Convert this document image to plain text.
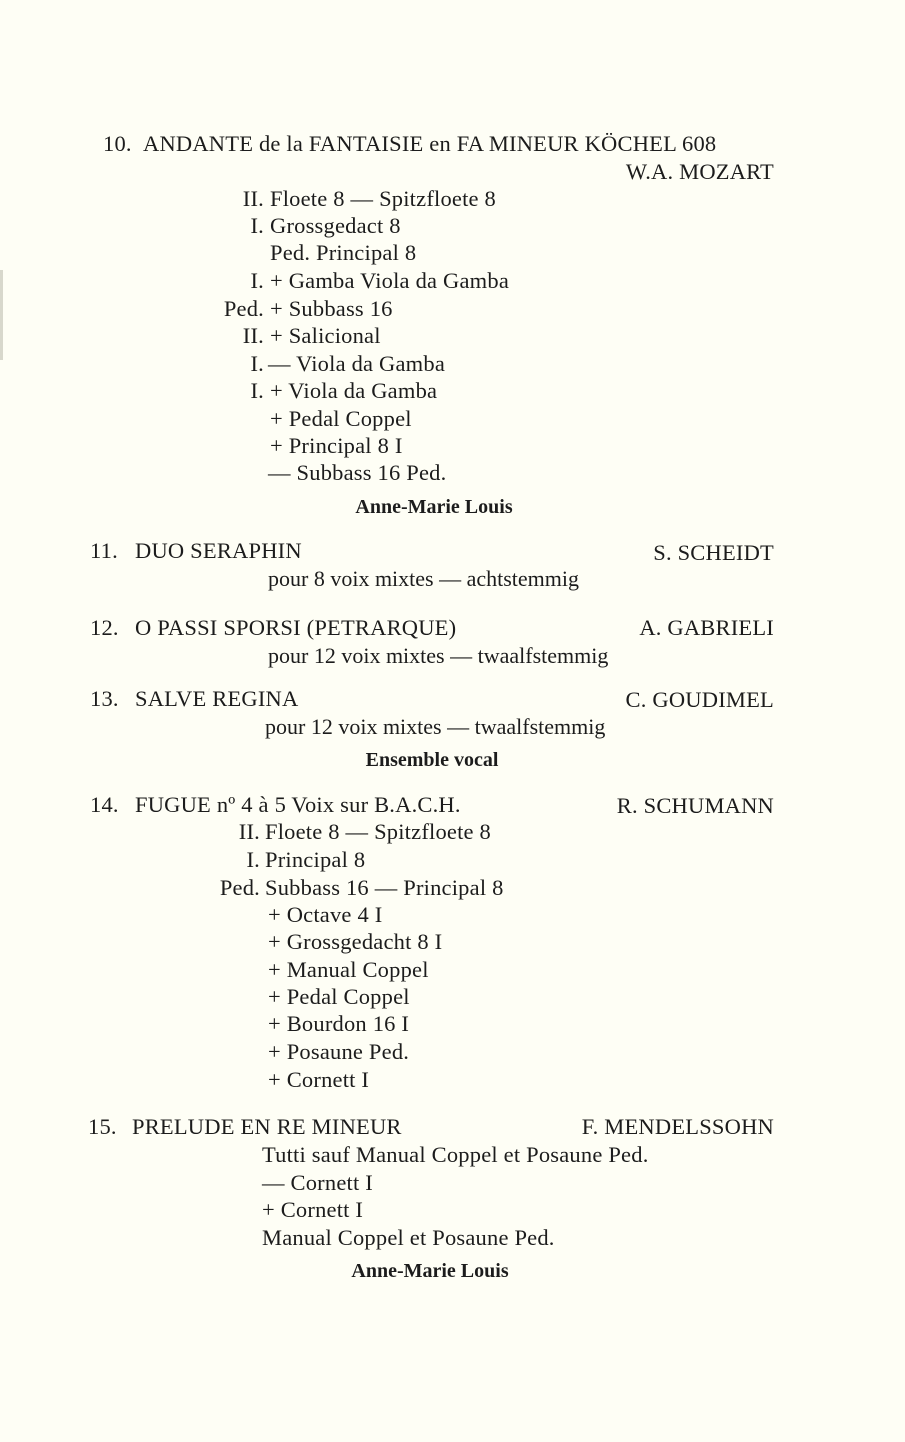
10. ANDANTE de la FANTAISIE en FA MINEUR KÖCHEL 608
W.A. MOZART
II. Floete 8 — Spitzfloete 8
I. Grossgedact 8
Ped. Principal 8
I. + Gamba Viola da Gamba
Ped. + Subbass 16
II. + Salicional
I. — Viola da Gamba
I. + Viola da Gamba
+ Pedal Coppel
+ Principal 8 I
— Subbass 16 Ped.
Anne-Marie Louis
11. DUO SERAPHIN	S. SCHEIDT
pour 8 voix mixtes — achtstemmig
12. O PASSI SPORSI (PETRARQUE)	A. GABRIELI
pour 12 voix mixtes — twaalfstemmig
13. SALVE REGINA	C. GOUDIMEL
pour 12 voix mixtes — twaalfstemmig
Ensemble vocal
14. FUGUE nº 4 à 5 Voix sur B.A.C.H.	R. SCHUMANN
II. Floete 8 — Spitzfloete 8
I. Principal 8
Ped. Subbass 16 — Principal 8
+ Octave 4 I
+ Grossgedacht 8 I
+ Manual Coppel
+ Pedal Coppel
+ Bourdon 16 I
+ Posaune Ped.
+ Cornett I
15. PRELUDE EN RE MINEUR	F. MENDELSSOHN
Tutti sauf Manual Coppel et Posaune Ped.
— Cornett I
+ Cornett I
Manual Coppel et Posaune Ped.
Anne-Marie Louis
